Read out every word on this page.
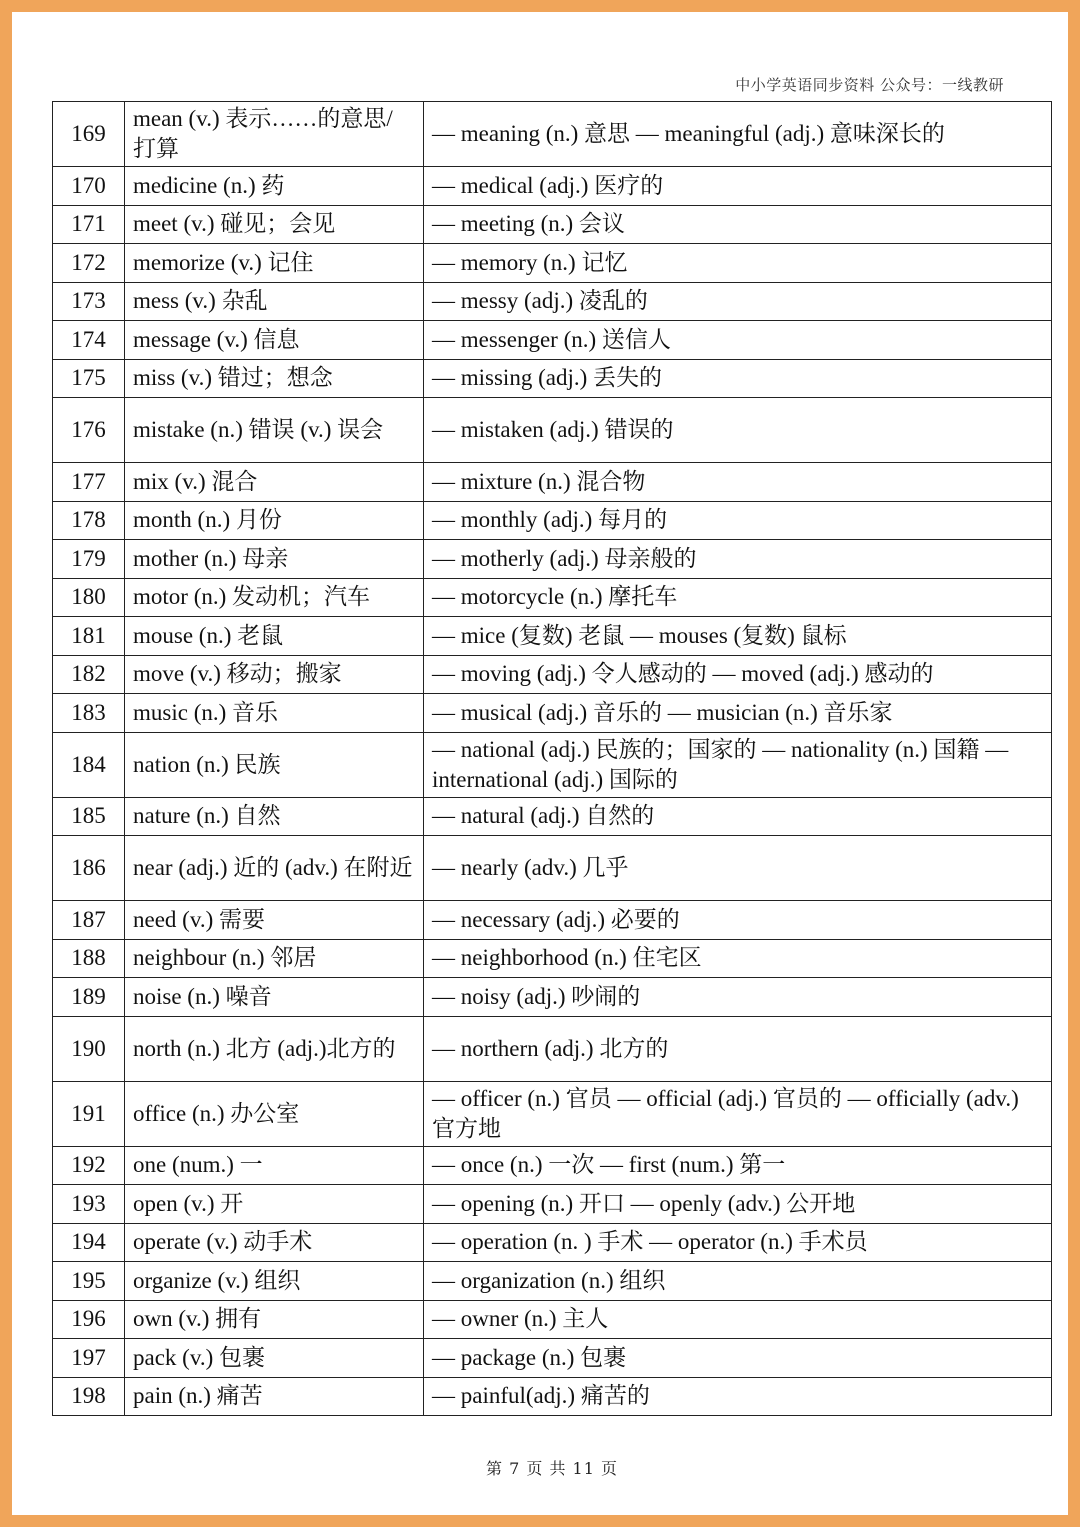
中小学英语同步资料 公众号：一线教研
169	mean (v.) 表示……的意思/打算	— meaning (n.) 意思 — meaningful (adj.) 意味深长的
170	medicine (n.) 药	— medical (adj.) 医疗的
171	meet (v.) 碰见；会见	— meeting (n.) 会议
172	memorize (v.) 记住	— memory (n.) 记忆
173	mess (v.) 杂乱	— messy (adj.) 凌乱的
174	message (v.) 信息	— messenger (n.) 送信人
175	miss (v.) 错过；想念	— missing (adj.) 丢失的
176	mistake (n.) 错误 (v.) 误会	— mistaken (adj.) 错误的
177	mix (v.) 混合	— mixture (n.) 混合物
178	month (n.) 月份	— monthly (adj.) 每月的
179	mother (n.) 母亲	— motherly (adj.) 母亲般的
180	motor (n.) 发动机；汽车	— motorcycle (n.) 摩托车
181	mouse (n.) 老鼠	— mice (复数) 老鼠 — mouses (复数) 鼠标
182	move (v.) 移动；搬家	— moving (adj.) 令人感动的 — moved (adj.) 感动的
183	music (n.) 音乐	— musical (adj.) 音乐的 — musician (n.) 音乐家
184	nation (n.) 民族	— national (adj.) 民族的；国家的 — nationality (n.) 国籍 — international (adj.) 国际的
185	nature (n.) 自然	— natural (adj.) 自然的
186	near (adj.) 近的 (adv.) 在附近	— nearly (adv.) 几乎
187	need (v.) 需要	— necessary (adj.) 必要的
188	neighbour (n.) 邻居	— neighborhood (n.) 住宅区
189	noise (n.) 噪音	— noisy (adj.) 吵闹的
190	north (n.) 北方 (adj.)北方的	— northern (adj.) 北方的
191	office (n.) 办公室	— officer (n.) 官员 — official (adj.) 官员的 — officially (adv.) 官方地
192	one (num.) 一	— once (n.) 一次 — first (num.) 第一
193	open (v.) 开	— opening (n.) 开口 — openly (adv.) 公开地
194	operate (v.) 动手术	— operation (n. ) 手术 — operator (n.) 手术员
195	organize (v.) 组织	— organization (n.) 组织
196	own (v.) 拥有	— owner (n.) 主人
197	pack (v.) 包裹	— package (n.) 包裹
198	pain (n.) 痛苦	— painful(adj.) 痛苦的
第 7 页 共 11 页
